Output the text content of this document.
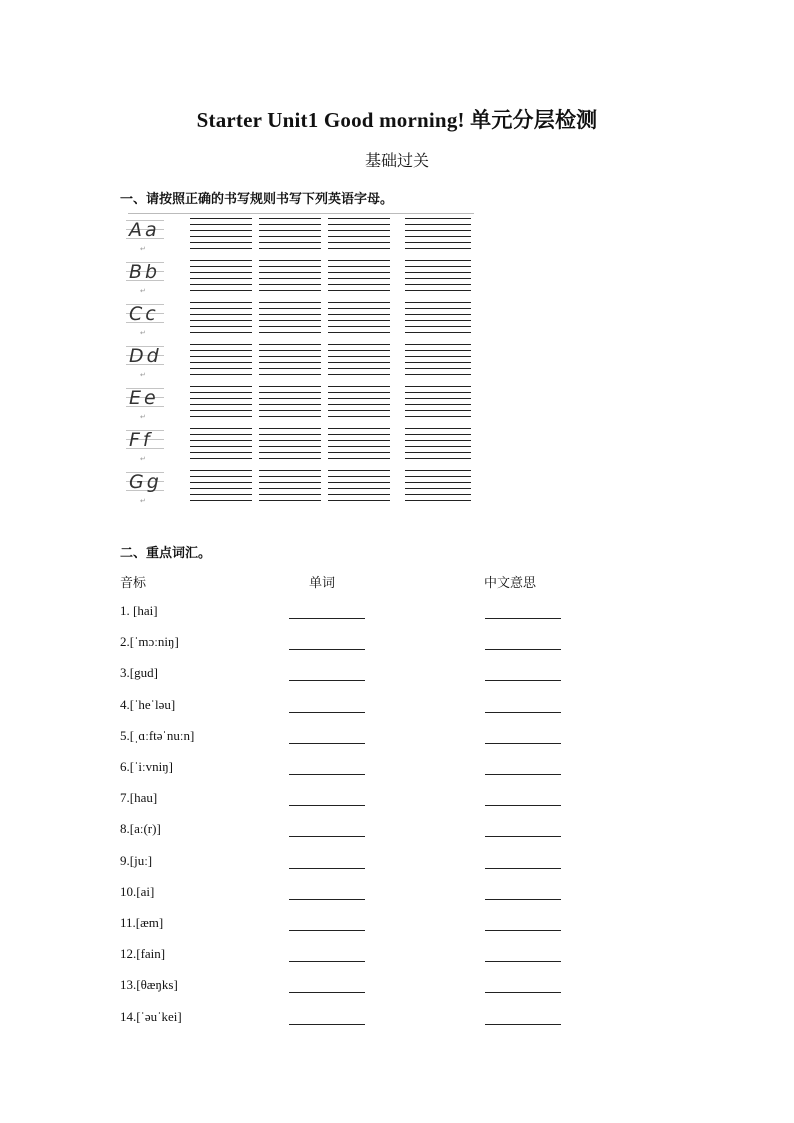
Starter Unit1 Good morning! 单元分层检测
基础过关
一、请按照正确的书写规则书写下列英语字母。
Aa
↵
Bb
↵
Cc
↵
Dd
↵
Ee
↵
Ff
↵
Gg
↵
二、重点词汇。
音标	单词	中文意思
1. [hai]
2.[ˈmɔːniŋ]
3.[gud]
4.[ˈheˈləu]
5.[ˌɑːftəˈnuːn]
6.[ˈiːvniŋ]
7.[hau]
8.[aː(r)]
9.[juː]
10.[ai]
11.[æm]
12.[fain]
13.[θæŋks]
14.[ˈəuˈkei]
